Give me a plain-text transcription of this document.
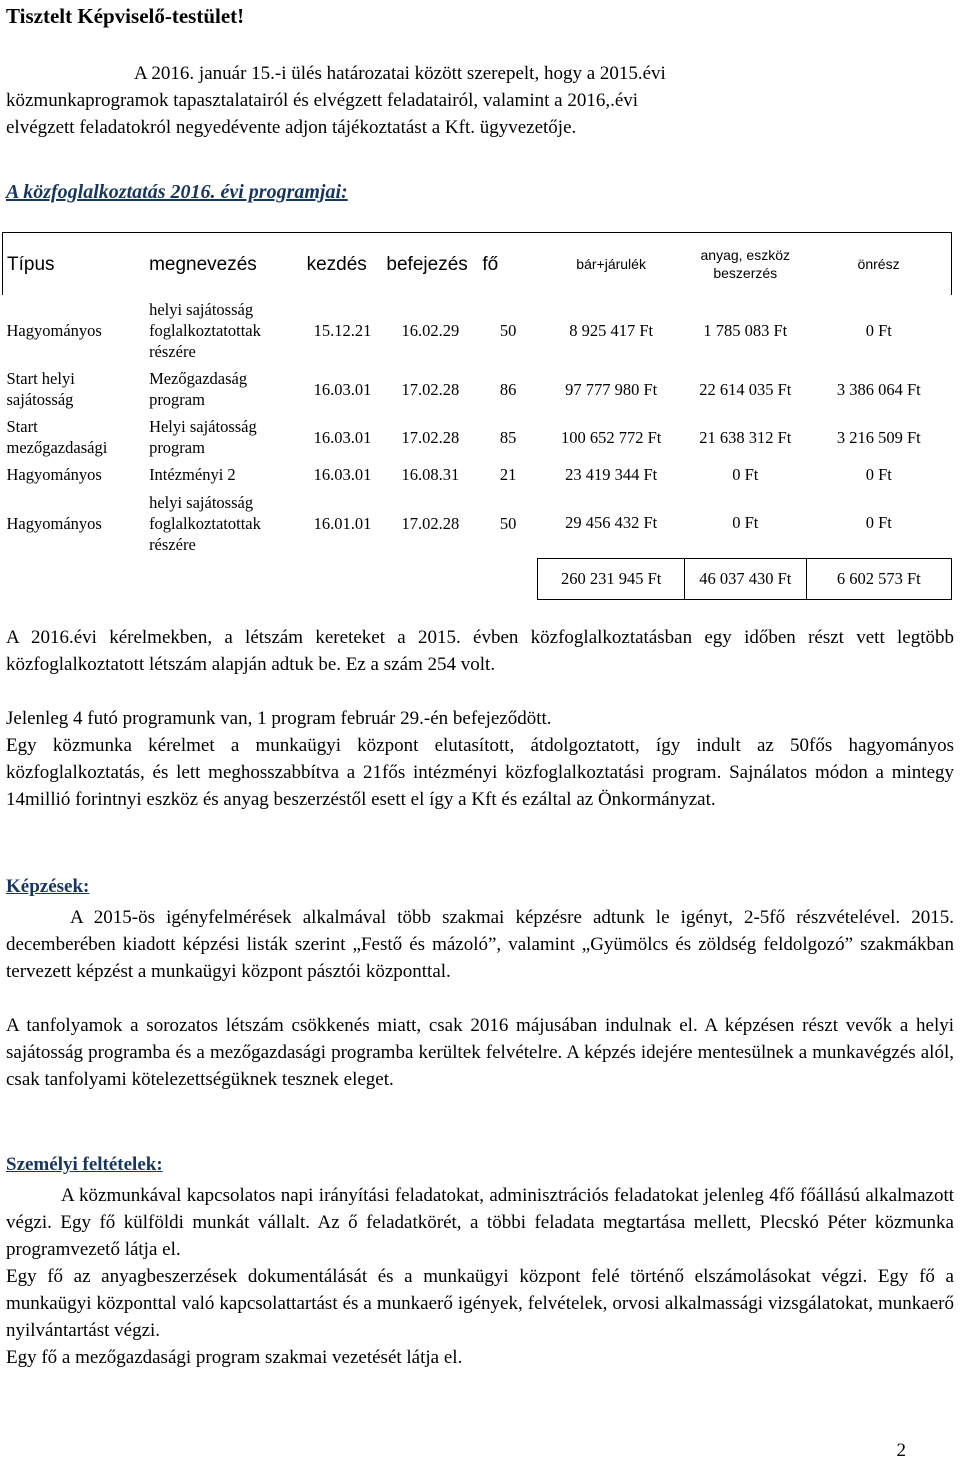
Tisztelt Képviselő-testület!
A 2016. január 15.-i ülés határozatai között szerepelt, hogy a 2015.évi
közmunkaprogramok tapasztalatairól és elvégzett feladatairól, valamint a 2016,.évi
elvégzett feladatokról negyedévente adjon tájékoztatást a Kft. ügyvezetője.
A közfoglalkoztatás 2016. évi programjai:
Típus	megnevezés	kezdés	befejezés	fő	bár+járulék	anyag, eszköz beszerzés	önrész
Hagyományos	helyi sajátosság foglalkoztatottak részére	15.12.21	16.02.29	50	8 925 417 Ft	1 785 083 Ft	0 Ft
Start helyi sajátosság	Mezőgazdaság program	16.03.01	17.02.28	86	97 777 980 Ft	22 614 035 Ft	3 386 064 Ft
Start mezőgazdasági	Helyi sajátosság program	16.03.01	17.02.28	85	100 652 772 Ft	21 638 312 Ft	3 216 509 Ft
Hagyományos	Intézményi 2	16.03.01	16.08.31	21	23 419 344 Ft	0 Ft	0 Ft
Hagyományos	helyi sajátosság foglalkoztatottak részére	16.01.01	17.02.28	50	29 456 432 Ft	0 Ft	0 Ft
					260 231 945 Ft	46 037 430 Ft	6 602 573 Ft
A 2016.évi kérelmekben, a létszám kereteket a 2015. évben közfoglalkoztatásban egy időben részt vett legtöbb közfoglalkoztatott létszám alapján adtuk be. Ez a szám 254 volt.
Jelenleg 4 futó programunk van, 1 program február 29.-én befejeződött.
Egy közmunka kérelmet a munkaügyi központ elutasított, átdolgoztatott, így indult az 50fős hagyományos közfoglalkoztatás, és lett meghosszabbítva a 21fős intézményi közfoglalkoztatási program. Sajnálatos módon a mintegy 14millió forintnyi eszköz és anyag beszerzéstől esett el így a Kft és ezáltal az Önkormányzat.
Képzések:
A 2015-ös igényfelmérések alkalmával több szakmai képzésre adtunk le igényt, 2-5fő részvételével. 2015. decemberében kiadott képzési listák szerint „Festő és mázoló”, valamint „Gyümölcs és zöldség feldolgozó” szakmákban tervezett képzést a munkaügyi központ pásztói központtal.
A tanfolyamok a sorozatos létszám csökkenés miatt, csak 2016 májusában indulnak el. A képzésen részt vevők a helyi sajátosság programba és a mezőgazdasági programba kerültek felvételre. A képzés idejére mentesülnek a munkavégzés alól, csak tanfolyami kötelezettségüknek tesznek eleget.
Személyi feltételek:
A közmunkával kapcsolatos napi irányítási feladatokat, adminisztrációs feladatokat jelenleg 4fő főállású alkalmazott végzi. Egy fő külföldi munkát vállalt. Az ő feladatkörét, a többi feladata megtartása mellett, Plecskó Péter közmunka programvezető látja el.
Egy fő az anyagbeszerzések dokumentálását és a munkaügyi központ felé történő elszámolásokat végzi. Egy fő a munkaügyi központtal való kapcsolattartást és a munkaerő igények, felvételek, orvosi alkalmassági vizsgálatokat, munkaerő nyilvántartást végzi.
Egy fő a mezőgazdasági program szakmai vezetését látja el.
2
